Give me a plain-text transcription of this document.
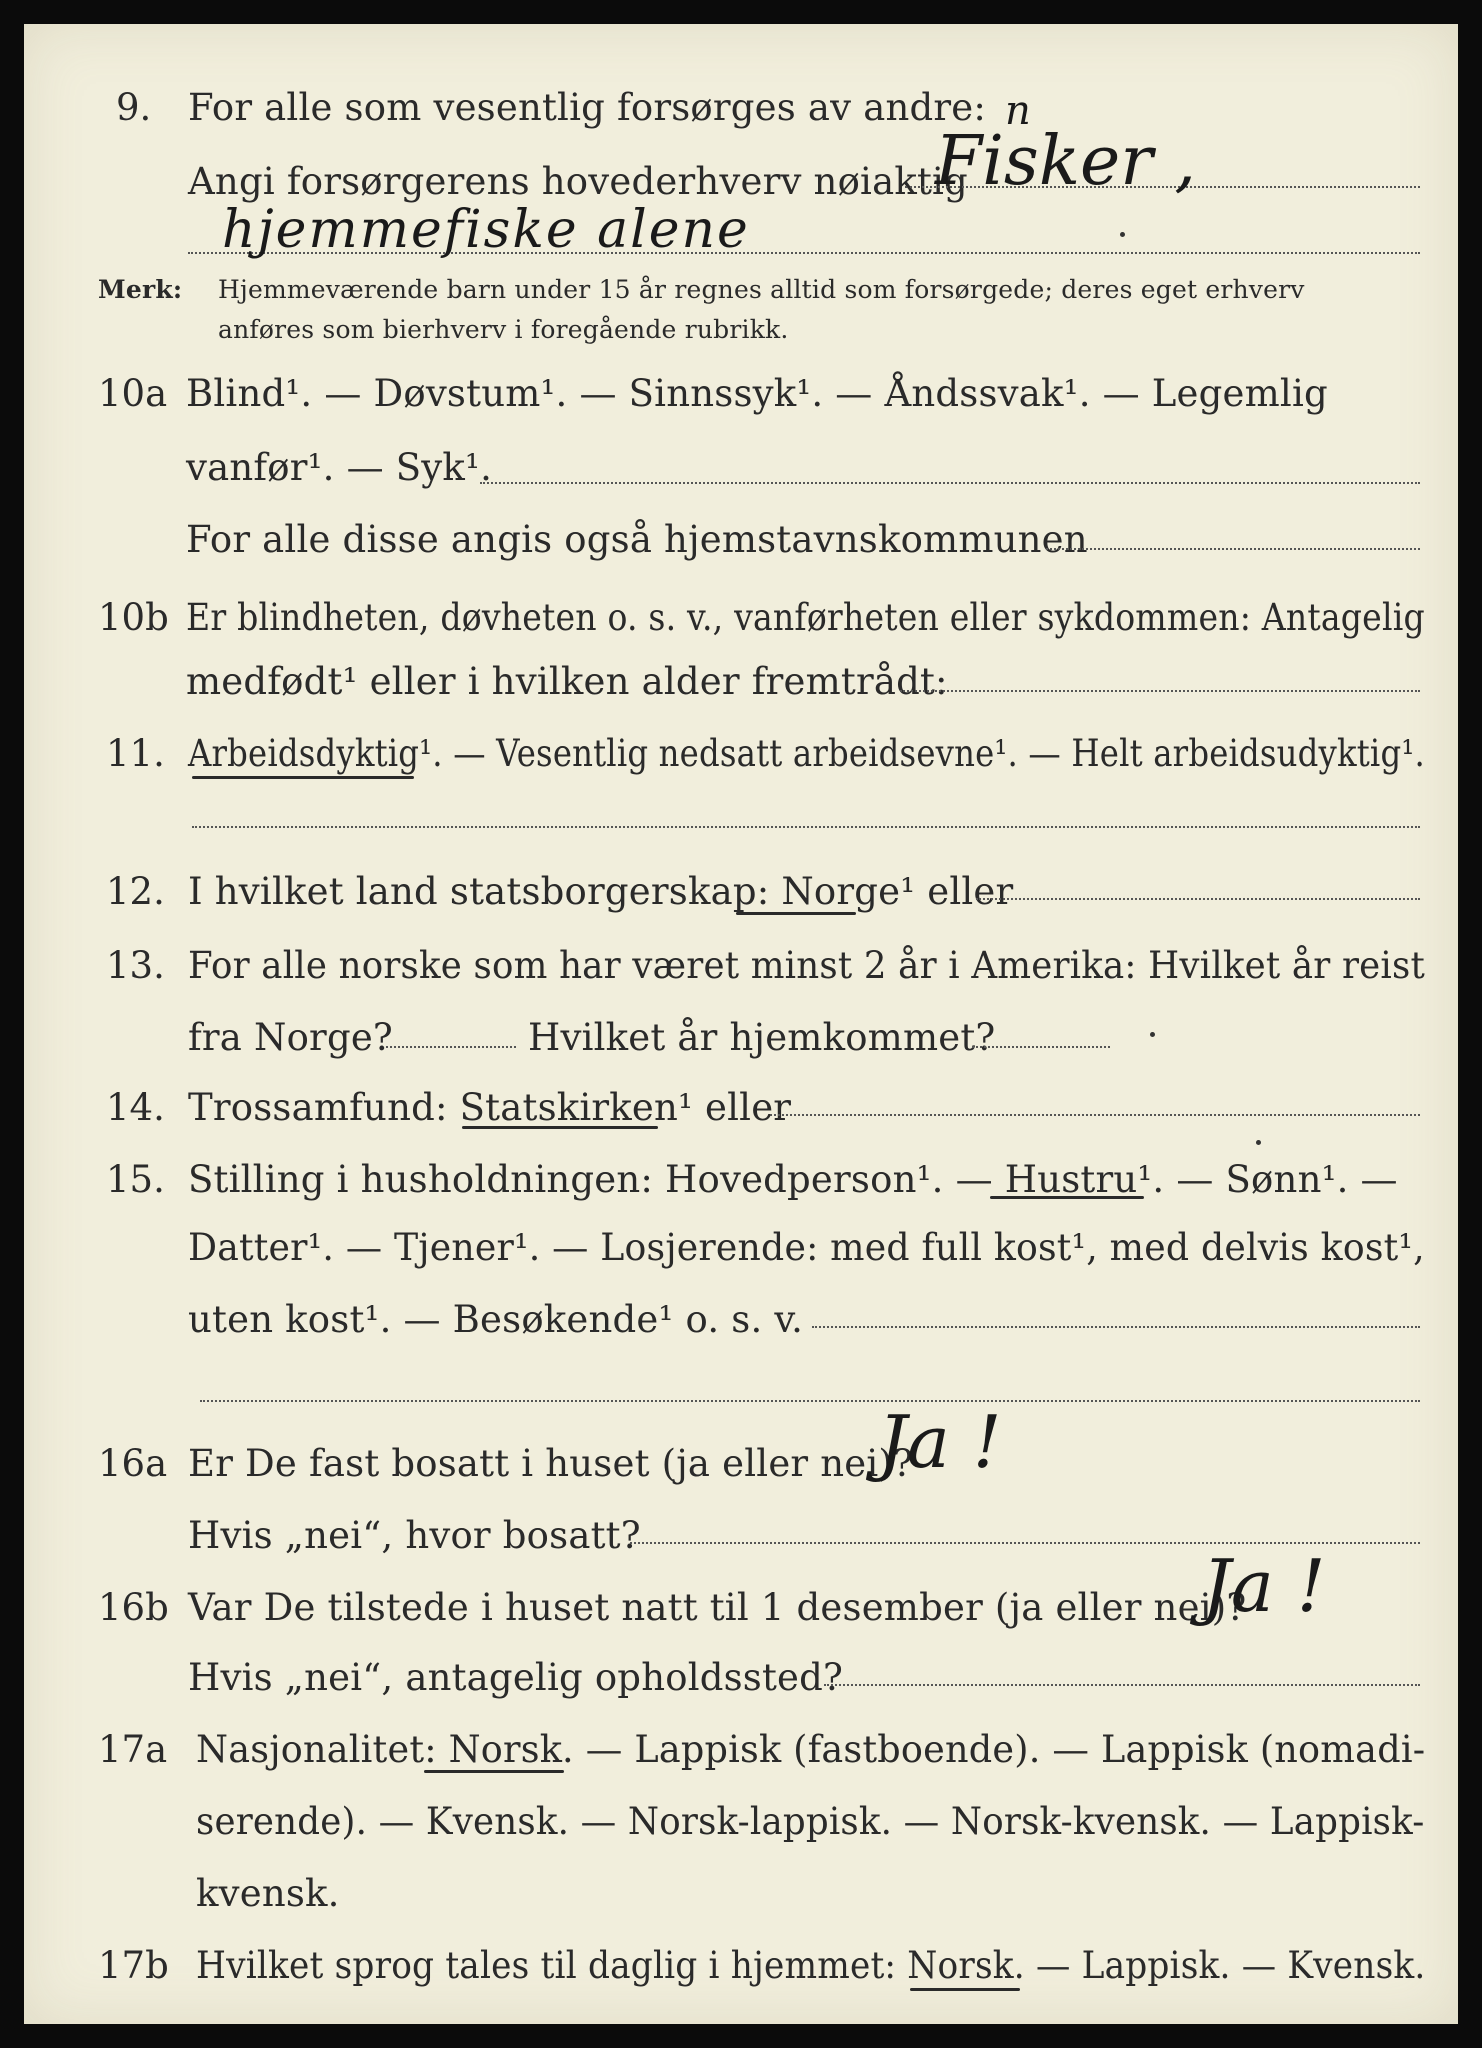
9. For alle som vesentlig forsørges av andre: n
Angi forsørgerens hovederhverv nøiaktig
Fisker ,
hjemmefiske alene
Merk: Hjemmeværende barn under 15 år regnes alltid som forsørgede; deres eget erhverv
anføres som bierhverv i foregående rubrikk.
10a Blind¹. — Døvstum¹. — Sinnssyk¹. — Åndssvak¹. — Legemlig
vanfør¹. — Syk¹.
For alle disse angis også hjemstavnskommunen
10b Er blindheten, døvheten o. s. v., vanførheten eller sykdommen: Antagelig
medfødt¹ eller i hvilken alder fremtrådt:
11. Arbeidsdyktig¹. — Vesentlig nedsatt arbeidsevne¹. — Helt arbeidsudyktig¹.
12. I hvilket land statsborgerskap: Norge¹ eller
13. For alle norske som har været minst 2 år i Amerika: Hvilket år reist
fra Norge?	Hvilket år hjemkommet?
14. Trossamfund: Statskirken¹ eller
15. Stilling i husholdningen: Hovedperson¹. — Hustru¹. — Sønn¹. —
Datter¹. — Tjener¹. — Losjerende: med full kost¹, med delvis kost¹,
uten kost¹. — Besøkende¹ o. s. v.
16a Er De fast bosatt i huset (ja eller nei)?
Ja !
Hvis „nei“, hvor bosatt?
16b Var De tilstede i huset natt til 1 desember (ja eller nei)?
Ja !
Hvis „nei“, antagelig opholdssted?
17a Nasjonalitet: Norsk. — Lappisk (fastboende). — Lappisk (nomadi-
serende). — Kvensk. — Norsk-lappisk. — Norsk-kvensk. — Lappisk-
kvensk.
17b Hvilket sprog tales til daglig i hjemmet: Norsk. — Lappisk. — Kvensk.
